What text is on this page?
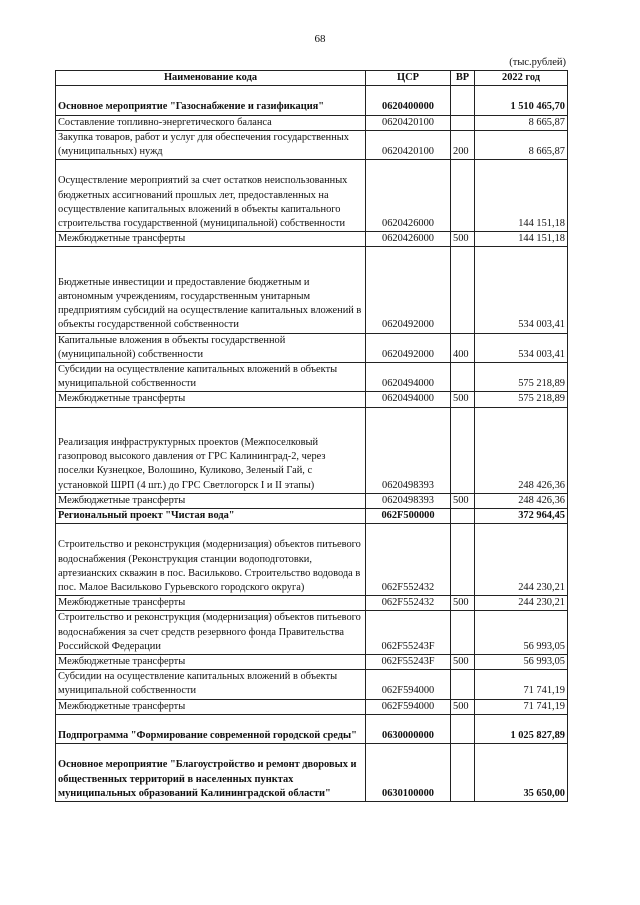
68
(тыс.рублей)
Наименование кода	ЦСР	ВР	2022 год
Основное мероприятие "Газоснабжение и газификация"	0620400000		1 510 465,70
Составление топливно-энергетического баланса	0620420100		8 665,87
Закупка товаров, работ и услуг для обеспечения государственных (муниципальных) нужд	0620420100	200	8 665,87
Осуществление мероприятий за счет остатков неиспользованных бюджетных ассигнований прошлых лет, предоставленных на осуществление капитальных вложений в объекты капитального строительства государственной (муниципальной) собственности	0620426000		144 151,18
Межбюджетные трансферты	0620426000	500	144 151,18
Бюджетные инвестиции и предоставление бюджетным и автономным учреждениям, государственным унитарным предприятиям субсидий на осуществление капитальных вложений в объекты государственной собственности	0620492000		534 003,41
Капитальные вложения в объекты государственной (муниципальной) собственности	0620492000	400	534 003,41
Субсидии на осуществление капитальных вложений в объекты муниципальной собственности	0620494000		575 218,89
Межбюджетные трансферты	0620494000	500	575 218,89
Реализация инфраструктурных проектов (Межпоселковый газопровод высокого давления от ГРС Калининград-2, через поселки Кузнецкое, Волошино, Куликово, Зеленый Гай, с установкой ШРП (4 шт.) до ГРС Светлогорск I и II этапы)	0620498393		248 426,36
Межбюджетные трансферты	0620498393	500	248 426,36
Региональный проект "Чистая вода"	062F500000		372 964,45
Строительство и реконструкция (модернизация) объектов питьевого водоснабжения (Реконструкция станции водоподготовки, артезианских скважин в пос. Васильково. Строительство водовода в пос. Малое Васильково Гурьевского городского округа)	062F552432		244 230,21
Межбюджетные трансферты	062F552432	500	244 230,21
Строительство и реконструкция (модернизация) объектов питьевого водоснабжения за счет средств резервного фонда Правительства Российской Федерации	062F55243F		56 993,05
Межбюджетные трансферты	062F55243F	500	56 993,05
Субсидии на осуществление капитальных вложений в объекты муниципальной собственности	062F594000		71 741,19
Межбюджетные трансферты	062F594000	500	71 741,19
Подпрограмма "Формирование современной городской среды"	0630000000		1 025 827,89
Основное мероприятие "Благоустройство и ремонт дворовых и общественных территорий в населенных пунктах муниципальных образований Калининградской области"	0630100000		35 650,00
